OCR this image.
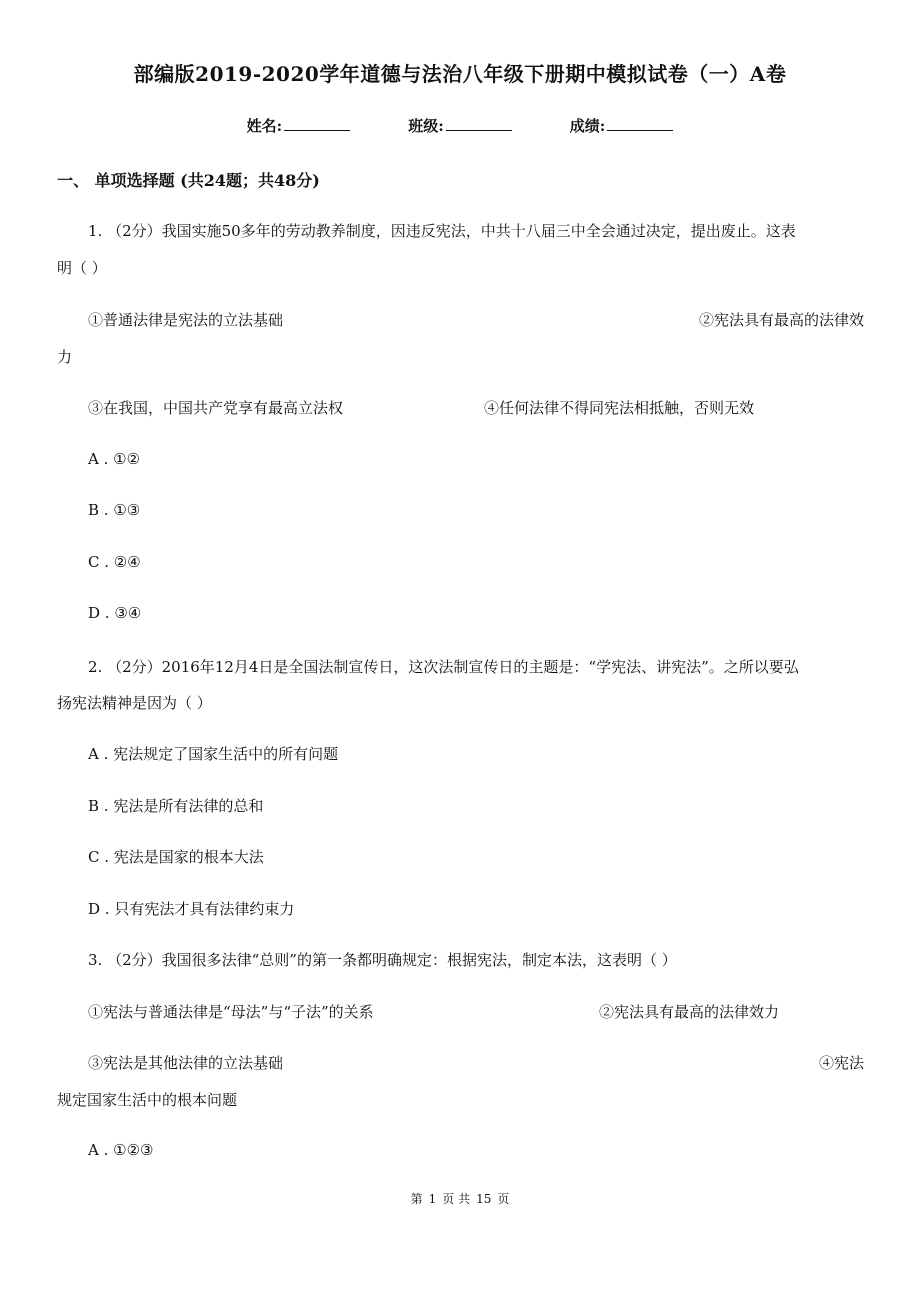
部编版2019-2020学年道德与法治八年级下册期中模拟试卷（一）A卷
姓名:	班级:	成绩:
一、 单项选择题 (共24题；共48分)
1. （2分）我国实施50多年的劳动教养制度，因违反宪法，中共十八届三中全会通过决定，提出废止。这表
明（ ）
①普通法律是宪法的立法基础	②宪法具有最高的法律效
力
③在我国，中国共产党享有最高立法权	④任何法律不得同宪法相抵触，否则无效
A . ①②
B . ①③
C . ②④
D . ③④
2. （2分）2016年12月4日是全国法制宣传日，这次法制宣传日的主题是：“学宪法、讲宪法”。之所以要弘
扬宪法精神是因为（ ）
A . 宪法规定了国家生活中的所有问题
B . 宪法是所有法律的总和
C . 宪法是国家的根本大法
D . 只有宪法才具有法律约束力
3. （2分）我国很多法律“总则”的第一条都明确规定：根据宪法，制定本法，这表明（ ）
①宪法与普通法律是“母法”与“子法”的关系	②宪法具有最高的法律效力
③宪法是其他法律的立法基础	④宪法
规定国家生活中的根本问题
A . ①②③
第 1 页 共 15 页
